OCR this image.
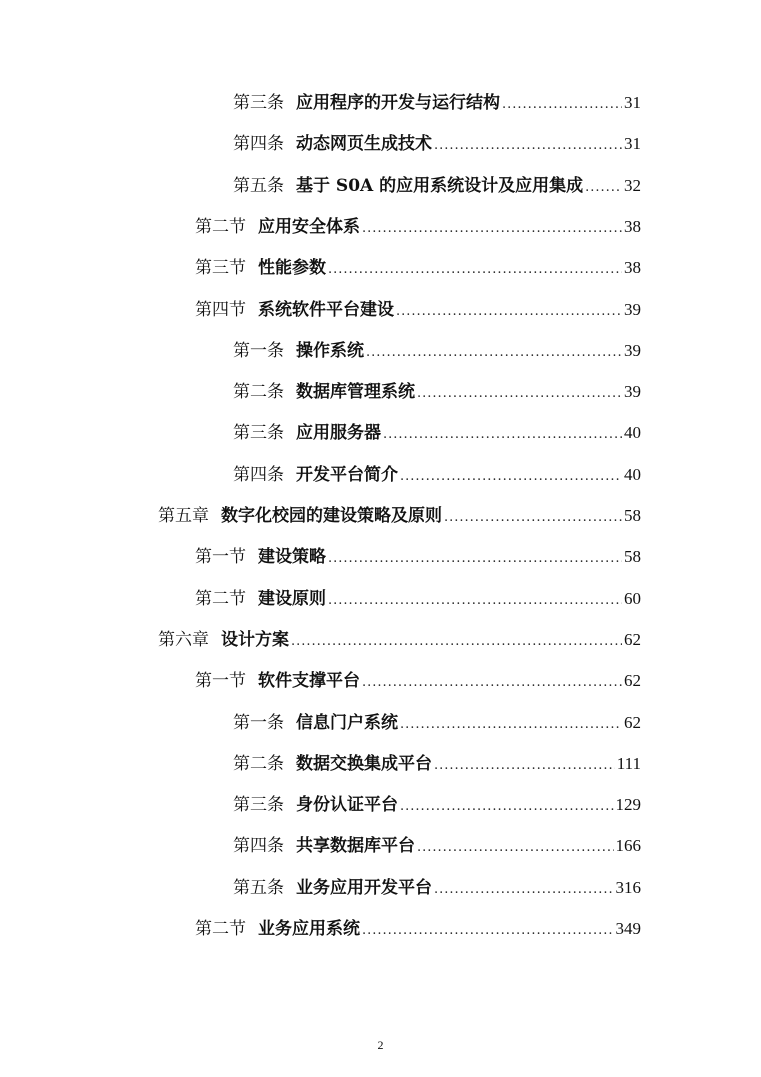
第三条 应用程序的开发与运行结构 .....	31
第四条 动态网页生成技术 .....	31
第五条 基于 S0A 的应用系统设计及应用集成 ..... 32
第二节 应用安全体系 .....	38
第三节 性能参数 .....	38
第四节 系统软件平台建设 .....	39
第一条 操作系统 .....	39
第二条 数据库管理系统 .....	39
第三条 应用服务器 .....	40
第四条 开发平台简介 .....	40
第五章 数字化校园的建设策略及原则 .....	58
第一节 建设策略 .....	58
第二节 建设原则 .....	60
第六章 设计方案 .....	62
第一节 软件支撑平台 .....	62
第一条 信息门户系统 .....	62
第二条 数据交换集成平台 .....	111
第三条 身份认证平台 .....	129
第四条 共享数据库平台 .....	166
第五条 业务应用开发平台 .....	316
第二节 业务应用系统 .....	349
2
